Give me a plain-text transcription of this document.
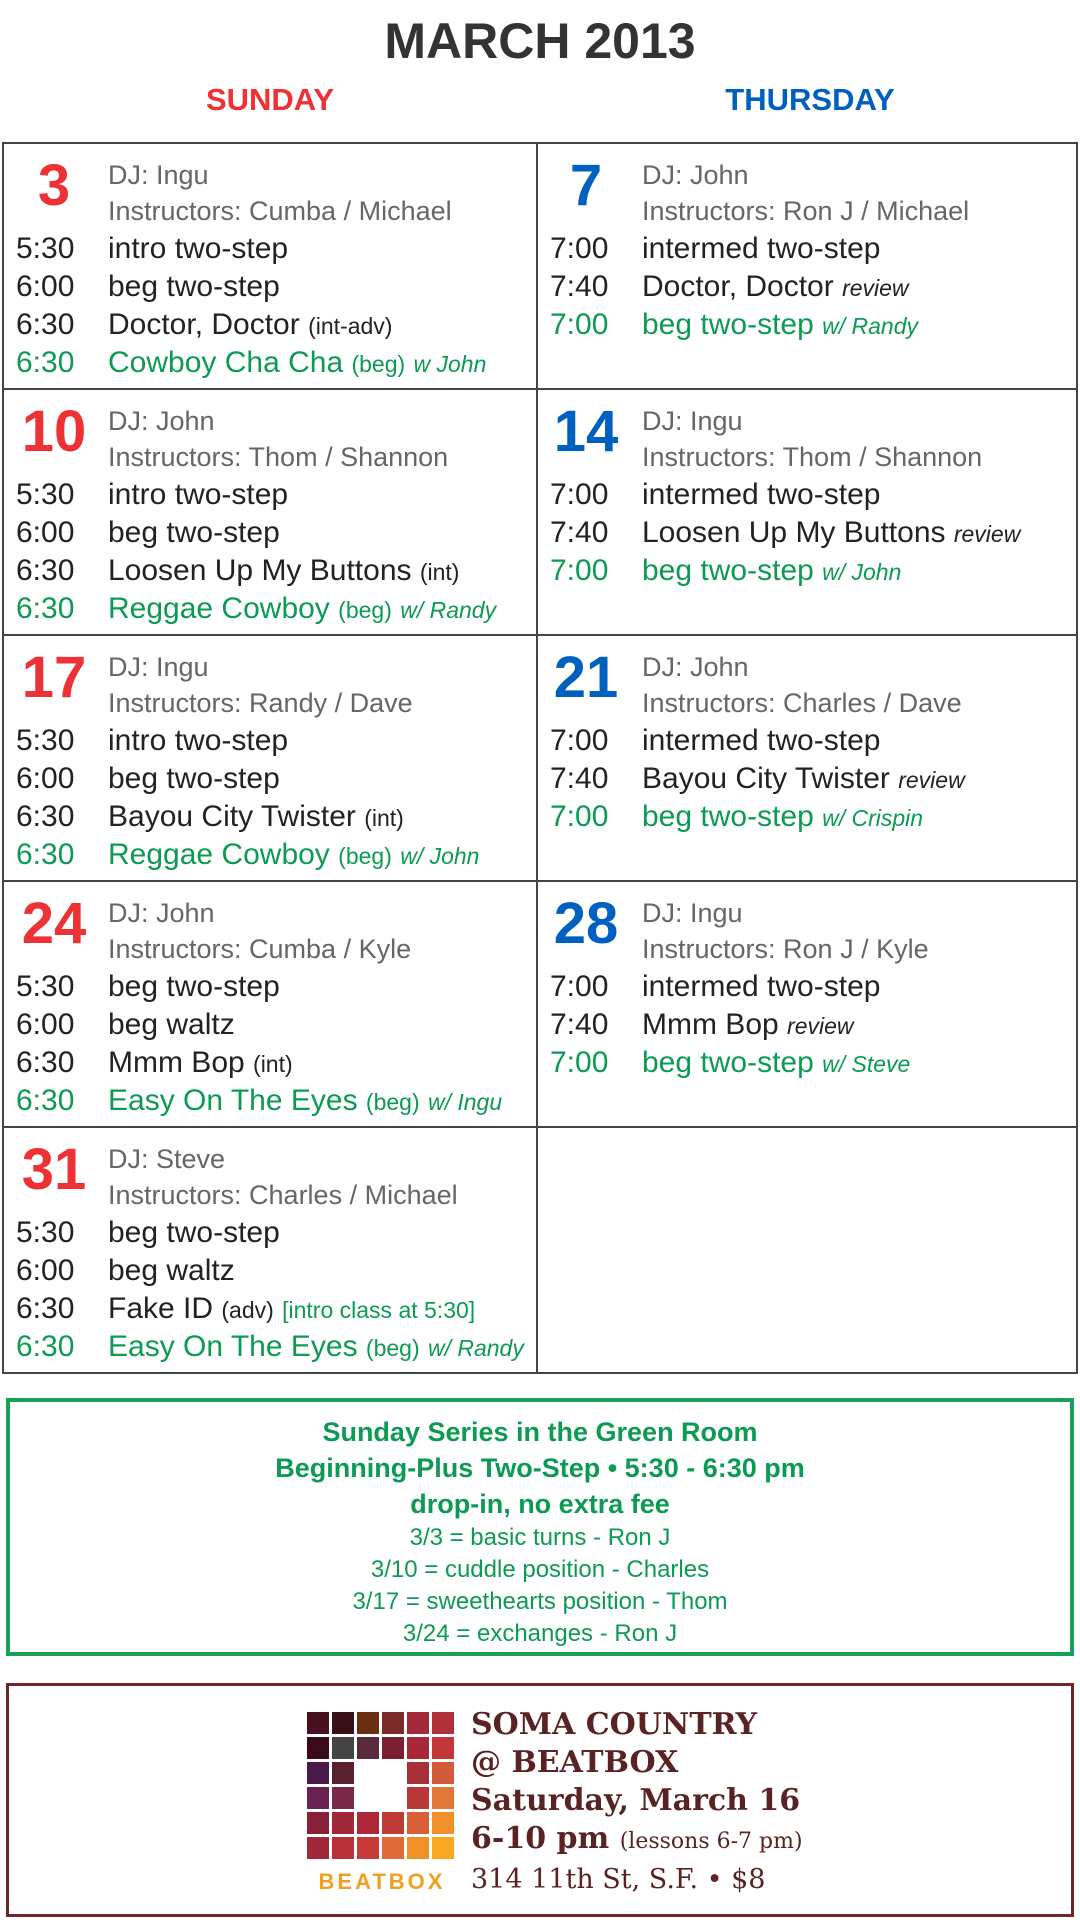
MARCH 2013
SUNDAY	THURSDAY
3	DJ: Ingu
Instructors: Cumba / Michael
5:30	intro two-step
6:00	beg two-step
6:30	Doctor, Doctor (int-adv)
6:30	Cowboy Cha Cha (beg) w John
7	DJ: John
Instructors: Ron J / Michael
7:00	intermed two-step
7:40	Doctor, Doctor review
7:00	beg two-step w/ Randy
10 DJ: John
Instructors: Thom / Shannon
5:30	intro two-step
6:00	beg two-step
6:30	Loosen Up My Buttons (int)
6:30	Reggae Cowboy (beg) w/ Randy
14 DJ: Ingu
Instructors: Thom / Shannon
7:00	intermed two-step
7:40	Loosen Up My Buttons review
7:00	beg two-step w/ John
17 DJ: Ingu
Instructors: Randy / Dave
5:30	intro two-step
6:00	beg two-step
6:30	Bayou City Twister (int)
6:30	Reggae Cowboy (beg) w/ John
21 DJ: John
Instructors: Charles / Dave
7:00	intermed two-step
7:40	Bayou City Twister review
7:00	beg two-step w/ Crispin
24 DJ: John
Instructors: Cumba / Kyle
5:30	beg two-step
6:00	beg waltz
6:30	Mmm Bop (int)
6:30	Easy On The Eyes (beg) w/ Ingu
28 DJ: Ingu
Instructors: Ron J / Kyle
7:00	intermed two-step
7:40	Mmm Bop review
7:00	beg two-step w/ Steve
31 DJ: Steve
Instructors: Charles / Michael
5:30	beg two-step
6:00	beg waltz
6:30	Fake ID (adv) [intro class at 5:30]
6:30	Easy On The Eyes (beg) w/ Randy
Sunday Series in the Green Room
Beginning-Plus Two-Step • 5:30 - 6:30 pm
drop-in, no extra fee
3/3 = basic turns - Ron J
3/10 = cuddle position - Charles
3/17 = sweethearts position - Thom
3/24 = exchanges - Ron J
BEATBOX
SOMA COUNTRY
@ BEATBOX
Saturday, March 16
6-10 pm (lessons 6-7 pm)
314 11th St, S.F. • $8
